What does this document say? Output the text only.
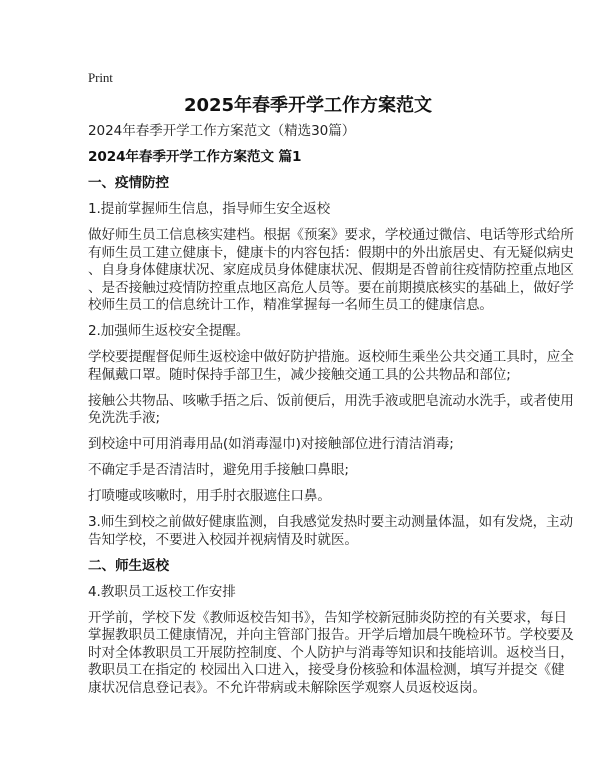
Print

2025年春季开学工作方案范文

2024年春季开学工作方案范文（精选30篇）

2024年春季开学工作方案范文 篇1

一、疫情防控

1.提前掌握师生信息，指导师生安全返校

做好师生员工信息核实建档。根据《预案》要求，学校通过微信、电话等形式给所
有师生员工建立健康卡，健康卡的内容包括：假期中的外出旅居史、有无疑似病史
、自身身体健康状况、家庭成员身体健康状况、假期是否曾前往疫情防控重点地区
、是否接触过疫情防控重点地区高危人员等。要在前期摸底核实的基础上，做好学
校师生员工的信息统计工作，精准掌握每一名师生员工的健康信息。

2.加强师生返校安全提醒。

学校要提醒督促师生返校途中做好防护措施。返校师生乘坐公共交通工具时，应全
程佩戴口罩。随时保持手部卫生，减少接触交通工具的公共物品和部位;

接触公共物品、咳嗽手捂之后、饭前便后，用洗手液或肥皂流动水洗手，或者使用
免洗洗手液;

到校途中可用消毒用品(如消毒湿巾)对接触部位进行清洁消毒;

不确定手是否清洁时，避免用手接触口鼻眼;

打喷嚏或咳嗽时，用手肘衣服遮住口鼻。

3.师生到校之前做好健康监测，自我感觉发热时要主动测量体温，如有发烧，主动
告知学校，不要进入校园并视病情及时就医。

二、师生返校

4.教职员工返校工作安排

开学前，学校下发《教师返校告知书》，告知学校新冠肺炎防控的有关要求，每日
掌握教职员工健康情况，并向主管部门报告。开学后增加晨午晚检环节。学校要及
时对全体教职员工开展防控制度、个人防护与消毒等知识和技能培训。返校当日，
教职员工在指定的 校园出入口进入，接受身份核验和体温检测，填写并提交《健
康状况信息登记表》。不允许带病或未解除医学观察人员返校返岗。
